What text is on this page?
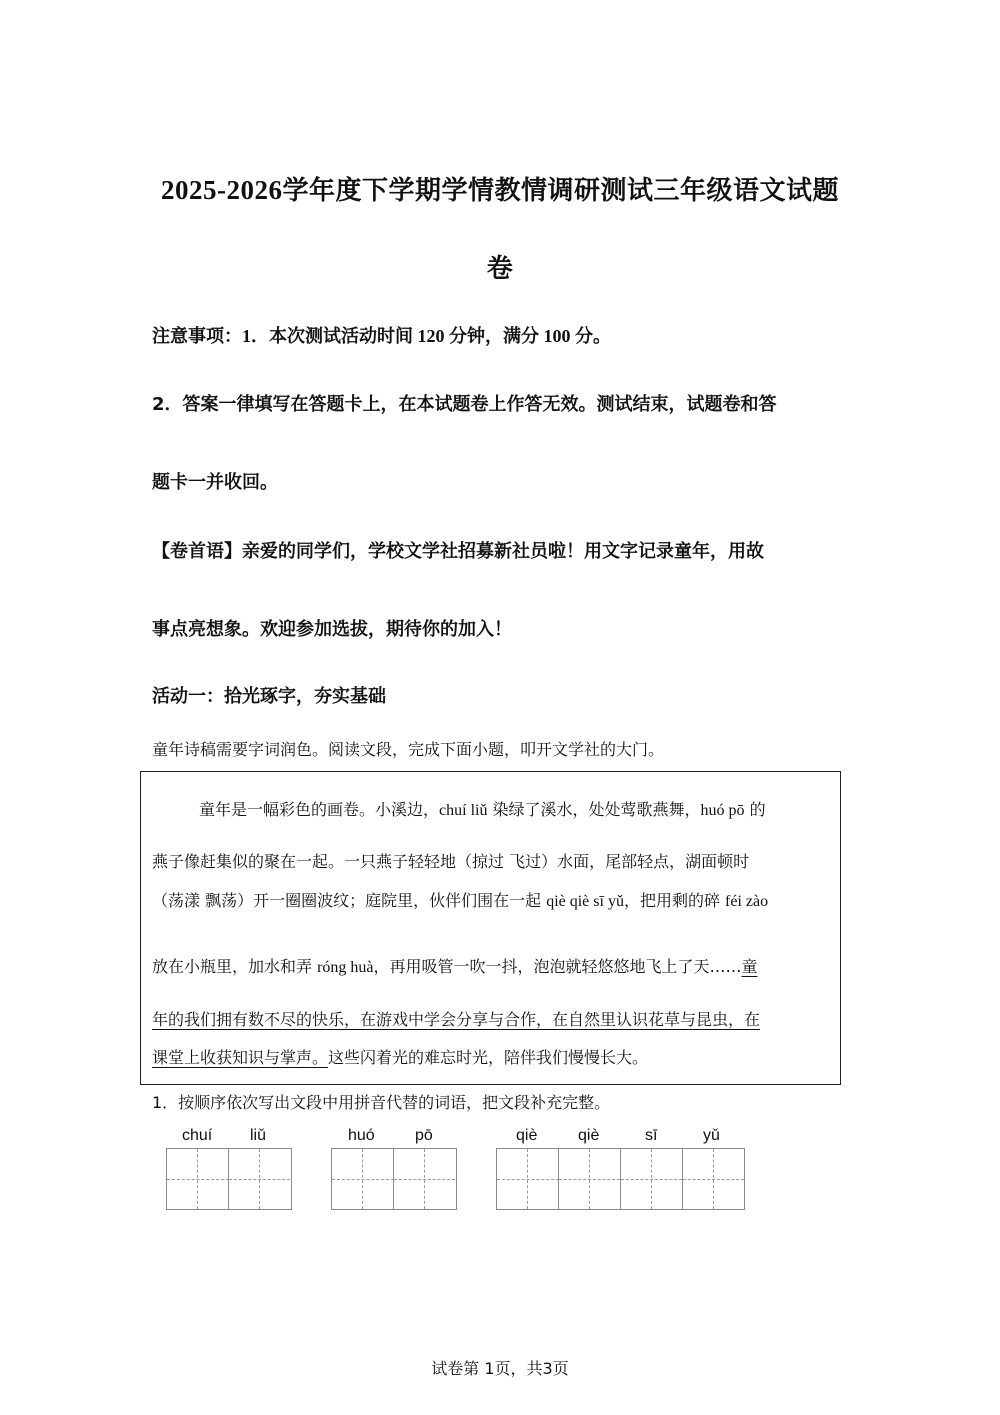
2025-2026学年度下学期学情教情调研测试三年级语文试题
卷
注意事项：1．本次测试活动时间 120 分钟，满分 100 分。
2．答案一律填写在答题卡上，在本试题卷上作答无效。测试结束，试题卷和答
题卡一并收回。
【卷首语】亲爱的同学们，学校文学社招募新社员啦！用文字记录童年，用故
事点亮想象。欢迎参加选拔，期待你的加入！
活动一：拾光琢字，夯实基础
童年诗稿需要字词润色。阅读文段，完成下面小题，叩开文学社的大门。
童年是一幅彩色的画卷。小溪边，chuí liǔ 染绿了溪水，处处莺歌燕舞，huó pō 的
燕子像赶集似的聚在一起。一只燕子轻轻地（掠过 飞过）水面，尾部轻点，湖面顿时
（荡漾 飘荡）开一圈圈波纹；庭院里，伙伴们围在一起 qiè qiè sī yǔ，把用剩的碎 féi zào
放在小瓶里，加水和弄 róng huà，再用吸管一吹一抖，泡泡就轻悠悠地飞上了天……童
年的我们拥有数不尽的快乐，在游戏中学会分享与合作，在自然里认识花草与昆虫，在
课堂上收获知识与掌声。这些闪着光的难忘时光，陪伴我们慢慢长大。
1．按顺序依次写出文段中用拼音代替的词语，把文段补充完整。
chuí liǔ	huó	pō	qiè	qiè	sī	yǔ
试卷第 1页，共3页
